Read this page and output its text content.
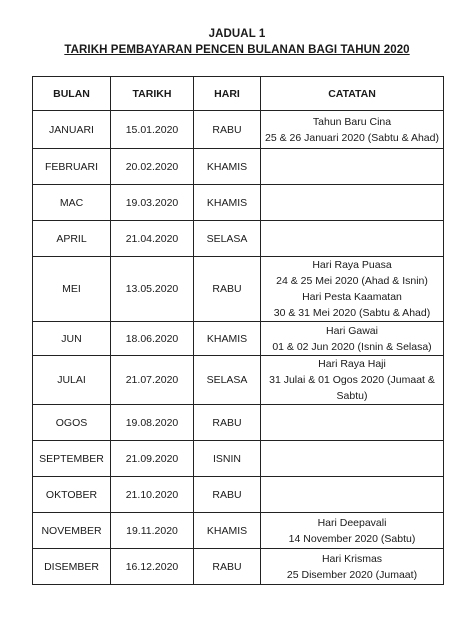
JADUAL 1
TARIKH PEMBAYARAN PENCEN BULANAN BAGI TAHUN 2020
BULAN	TARIKH	HARI	CATATAN
JANUARI	15.01.2020	RABU	Tahun Baru Cina
25 & 26 Januari 2020 (Sabtu & Ahad)

FEBRUARI	20.02.2020	KHAMIS	
MAC	19.03.2020	KHAMIS	
APRIL	21.04.2020	SELASA	
MEI	13.05.2020	RABU	Hari Raya Puasa
24 & 25 Mei 2020 (Ahad & Isnin)
Hari Pesta Kaamatan
30 & 31 Mei 2020 (Sabtu & Ahad)

JUN	18.06.2020	KHAMIS	Hari Gawai
01 & 02 Jun 2020 (Isnin & Selasa)

JULAI	21.07.2020	SELASA	Hari Raya Haji
31 Julai & 01 Ogos 2020 (Jumaat & Sabtu)

OGOS	19.08.2020	RABU	
SEPTEMBER	21.09.2020	ISNIN	
OKTOBER	21.10.2020	RABU	
NOVEMBER	19.11.2020	KHAMIS	Hari Deepavali
14 November 2020 (Sabtu)

DISEMBER	16.12.2020	RABU	Hari Krismas
25 Disember 2020 (Jumaat)
